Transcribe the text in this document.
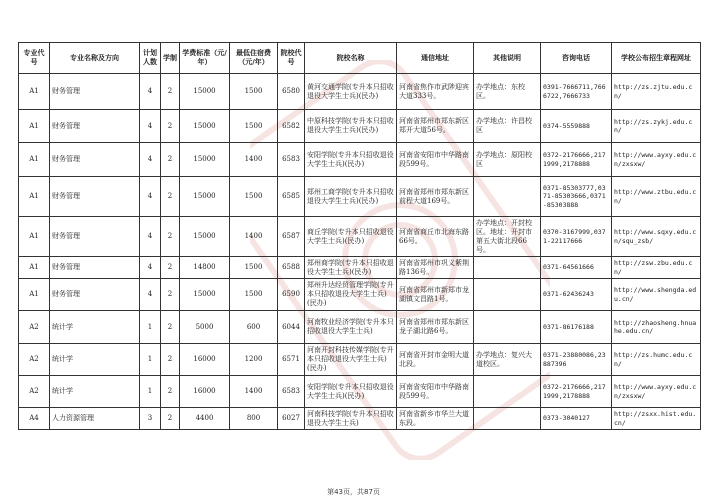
专业代号	专业名称及方向	计划人数	学制	学费标准（元/年）	最低住宿费（元/年）	院校代号	院校名称	通信地址	其他说明	咨询电话	学校公布招生章程网址
A1	财务管理	4	2	15000	1500	6580	黄河交通学院(专升本只招收退役大学生士兵)(民办)	河南省焦作市武陟迎宾大道333号。	办学地点：东校区。	0391-7666711,7666722,7666733	http://zs.zjtu.edu.cn/
A1	财务管理	4	2	15000	1500	6582	中原科技学院(专升本只招收退役大学生士兵)(民办)	河南省郑州市郑东新区郑开大道56号。	办学地点：许昌校区	0374-5559888	http://zs.zykj.edu.cn/
A1	财务管理	4	2	15000	1400	6583	安阳学院(专升本只招收退役大学生士兵)(民办)	河南省安阳市中华路南段599号。	办学地点：原阳校区	0372-2176666,2171999,2178888	http://www.ayxy.edu.cn/zxsxw/
A1	财务管理	4	2	15000	1500	6585	郑州工商学院(专升本只招收退役大学生士兵)(民办)	河南省郑州市郑东新区前程大道169号。		0371-85303777,0371-85303666,0371-85303888	http://www.ztbu.edu.cn/
A1	财务管理	4	2	15000	1400	6587	商丘学院(专升本只招收退役大学生士兵)(民办)	河南省商丘市北海东路66号。	办学地点：开封校区。地址：开封市第五大街北段66号。	0370-3167999,0371-22117666	http://www.sqxy.edu.cn/squ_zsb/
A1	财务管理	4	2	14800	1500	6588	郑州商学院(专升本只招收退役大学生士兵)(民办)	河南省郑州市巩义紫荆路136号。		0371-64561666	http://zsw.zbu.edu.cn/
A1	财务管理	4	2	15000	1500	6590	郑州升达经贸管理学院(专升本只招收退役大学生士兵)(民办)	河南省郑州市新郑市龙湖镇文昌路1号。		0371-62436243	http://www.shengda.edu.cn/
A2	统计学	1	2	5000	600	6044	河南牧业经济学院(专升本只招收退役大学生士兵)	河南省郑州市郑东新区龙子湖北路6号。		0371-86176188	http://zhaosheng.hnuahe.edu.cn/
A2	统计学	1	2	16000	1200	6571	河南开封科技传媒学院(专升本只招收退役大学生士兵)(民办)	河南省开封市金明大道北段。	办学地点：复兴大道校区。	0371-23880086,23887396	http://zs.humc.edu.cn/
A2	统计学	1	2	16000	1400	6583	安阳学院(专升本只招收退役大学生士兵)(民办)	河南省安阳市中华路南段599号。		0372-2176666,2171999,2178888	http://www.ayxy.edu.cn/zxsxw/
A4	人力资源管理	3	2	4400	800	6027	河南科技学院(专升本只招收退役大学生士兵)	河南省新乡市华兰大道东段。		0373-3040127	http://zsxx.hist.edu.cn/
第43页，共87页
